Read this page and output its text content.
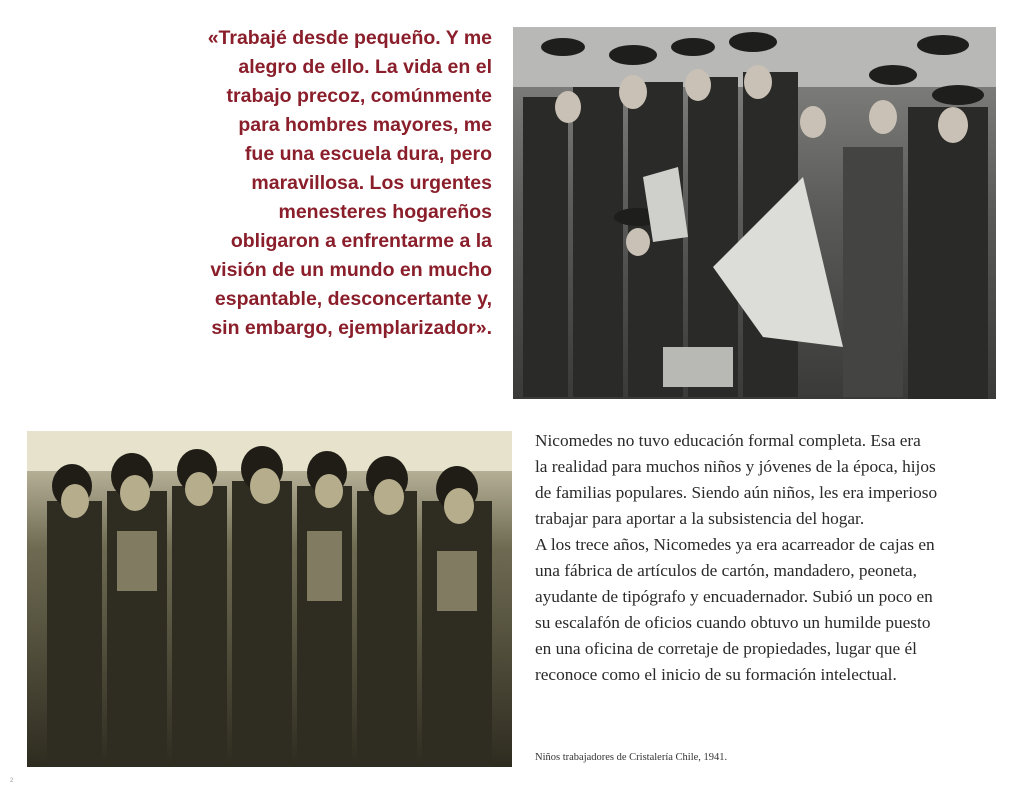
«Trabajé desde pequeño. Y me
alegro de ello. La vida en el
trabajo precoz, comúnmente
para hombres mayores, me
fue una escuela dura, pero
maravillosa. Los urgentes
menesteres hogareños
obligaron a enfrentarme a la
visión de un mundo en mucho
espantable, desconcertante y,
sin embargo, ejemplarizador».

Nicomedes no tuvo educación formal completa. Esa era
la realidad para muchos niños y jóvenes de la época, hijos
de familias populares. Siendo aún niños, les era imperioso
trabajar para aportar a la subsistencia del hogar.

A los trece años, Nicomedes ya era acarreador de cajas en
una fábrica de artículos de cartón, mandadero, peoneta,
ayudante de tipógrafo y encuadernador. Subió un poco en
su escalafón de oficios cuando obtuvo un humilde puesto
en una oficina de corretaje de propiedades, lugar que él
reconoce como el inicio de su formación intelectual.

Niños trabajadores de Cristalería Chile, 1941.
2
